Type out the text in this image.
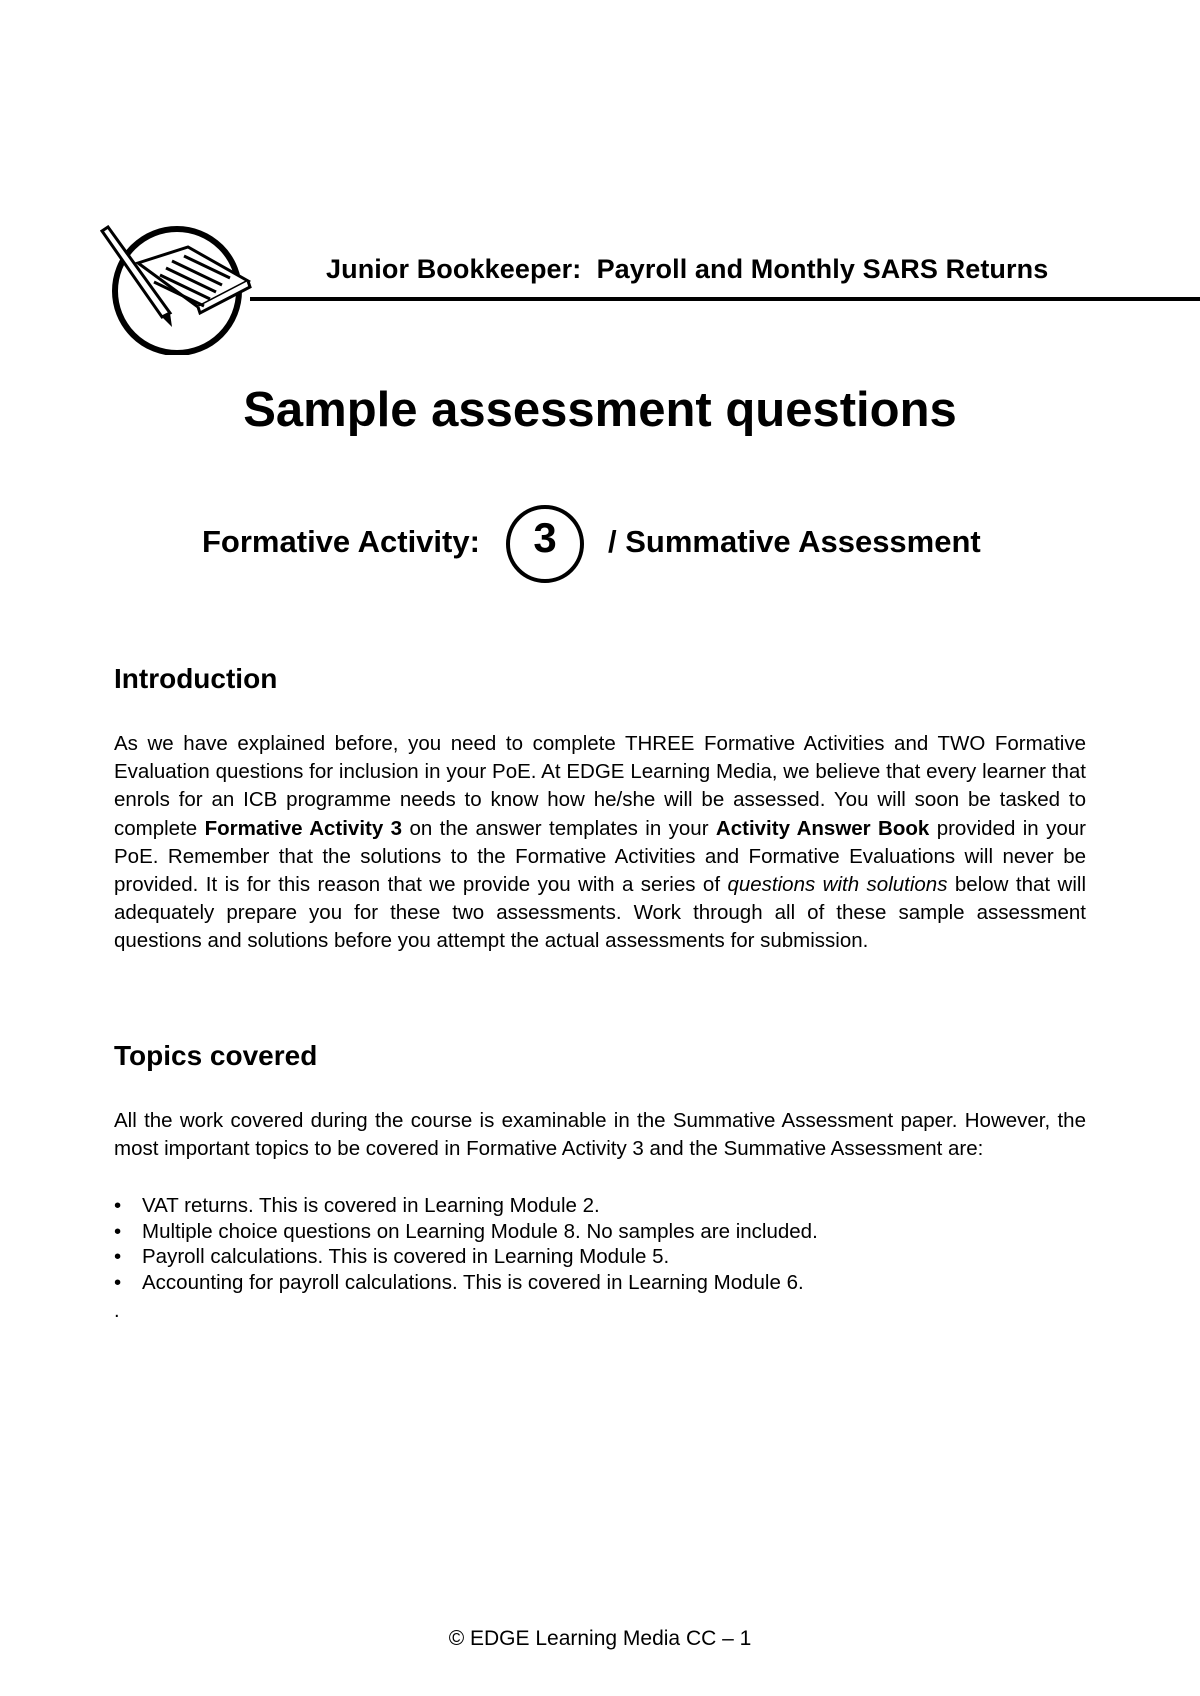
Junior Bookkeeper:  Payroll and Monthly SARS Returns
Sample assessment questions
Formative Activity:	3	/ Summative Assessment
Introduction
As we have explained before, you need to complete THREE Formative Activities and TWO Formative Evaluation questions for inclusion in your PoE. At EDGE Learning Media, we believe that every learner that enrols for an ICB programme needs to know how he/she will be assessed. You will soon be tasked to complete Formative Activity 3 on the answer templates in your Activity Answer Book provided in your PoE. Remember that the solutions to the Formative Activities and Formative Evaluations will never be provided. It is for this reason that we provide you with a series of questions with solutions below that will adequately prepare you for these two assessments. Work through all of these sample assessment questions and solutions before you attempt the actual assessments for submission.
Topics covered
All the work covered during the course is examinable in the Summative Assessment paper. However, the most important topics to be covered in Formative Activity 3 and the Summative Assessment are:
• VAT returns. This is covered in Learning Module 2.
• Multiple choice questions on Learning Module 8. No samples are included.
• Payroll calculations. This is covered in Learning Module 5.
• Accounting for payroll calculations. This is covered in Learning Module 6.
.
© EDGE Learning Media CC – 1
